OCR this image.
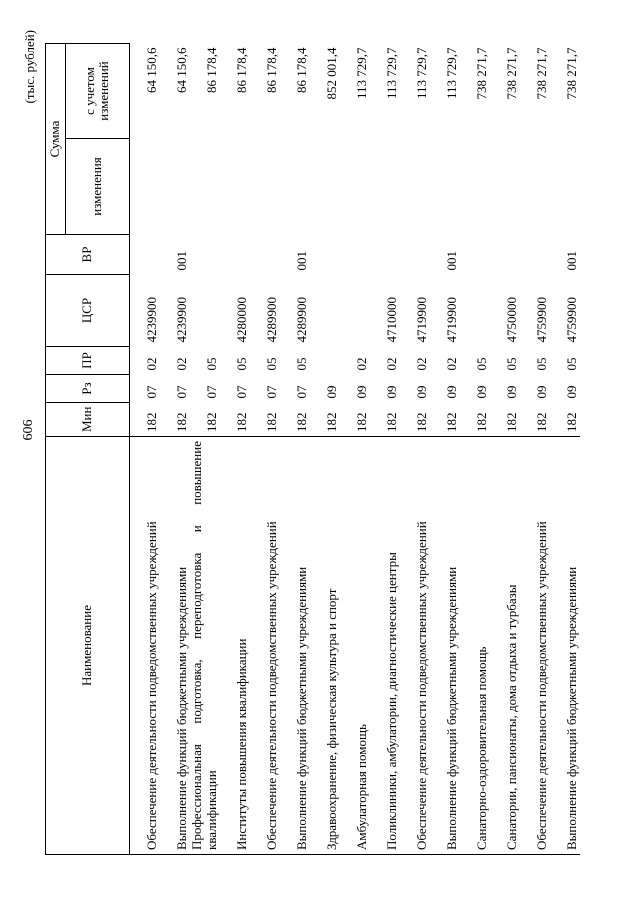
606
(тыс. рублей)
Наименование	Мин	Рз	ПР	ЦСР	ВР	Сумма	
						изменения	с учетом изменений
Обеспечение деятельности подведомственных учреждений	182	07	02	4239900			64 150,6
Выполнение функций бюджетными учреждениями	182	07	02	4239900	001		64 150,6
Профессиональная подготовка, переподготовка и повышение квалификации	182	07	05				86 178,4
Институты повышения квалификации	182	07	05	4280000			86 178,4
Обеспечение деятельности подведомственных учреждений	182	07	05	4289900			86 178,4
Выполнение функций бюджетными учреждениями	182	07	05	4289900	001		86 178,4
Здравоохранение, физическая культура и спорт	182	09					852 001,4
Амбулаторная помощь	182	09	02				113 729,7
Поликлиники, амбулатории, диагностические центры	182	09	02	4710000			113 729,7
Обеспечение деятельности подведомственных учреждений	182	09	02	4719900			113 729,7
Выполнение функций бюджетными учреждениями	182	09	02	4719900	001		113 729,7
Санаторно-оздоровительная помощь	182	09	05				738 271,7
Санатории, пансионаты, дома отдыха и турбазы	182	09	05	4750000			738 271,7
Обеспечение деятельности подведомственных учреждений	182	09	05	4759900			738 271,7
Выполнение функций бюджетными учреждениями	182	09	05	4759900	001		738 271,7
